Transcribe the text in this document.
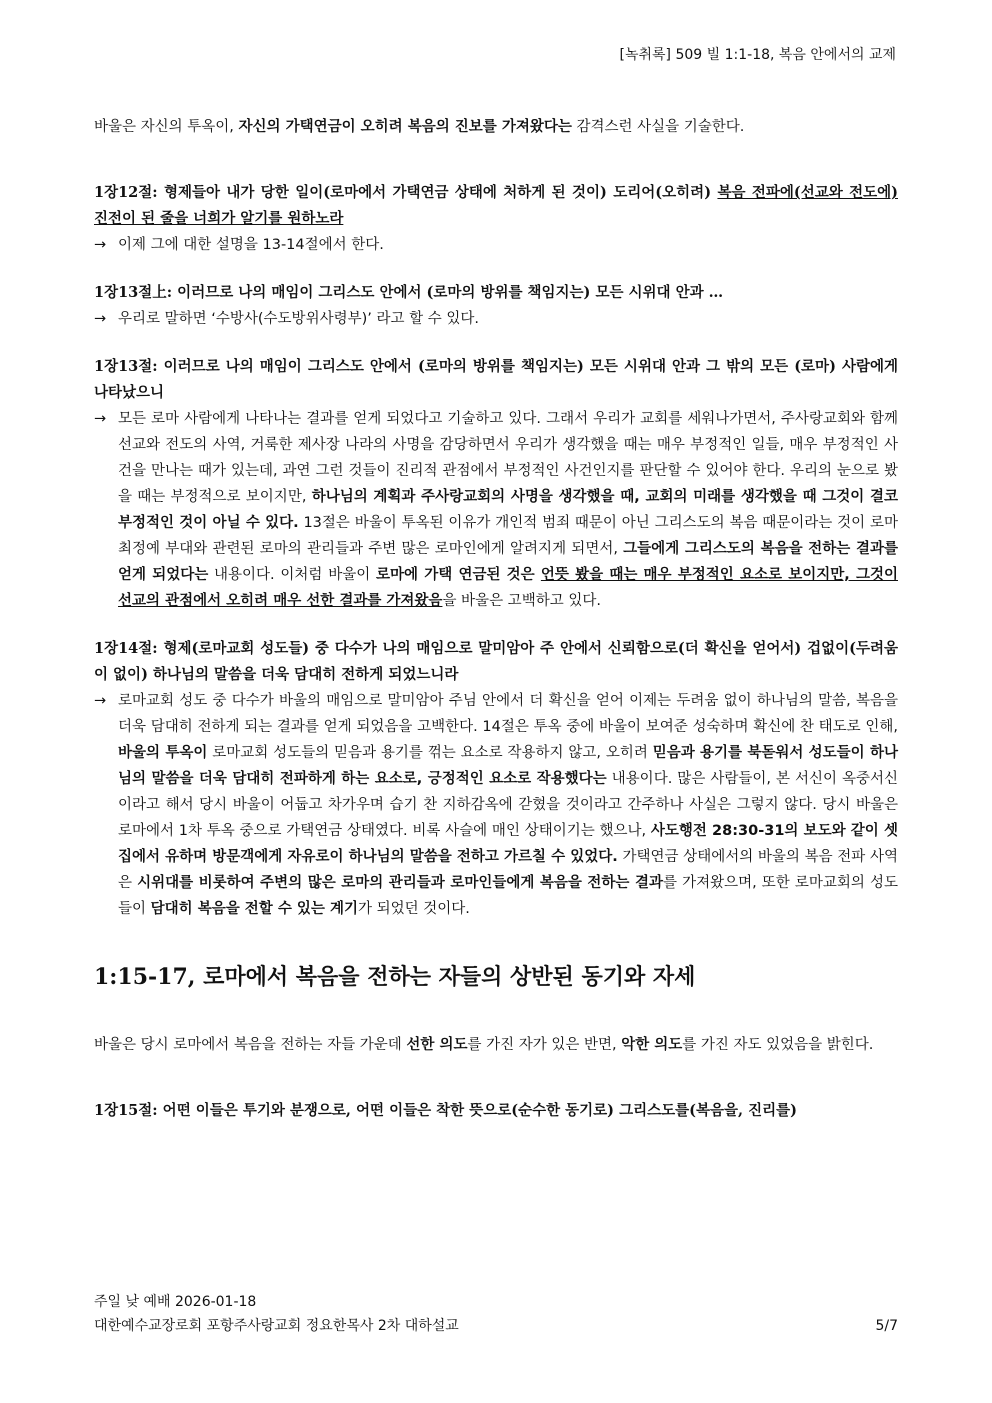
[녹취록] 509 빌 1:1-18, 복음 안에서의 교제

바울은 자신의 투옥이, 자신의 가택연금이 오히려 복음의 진보를 가져왔다는 감격스런 사실을 기술한다.

1장12절: 형제들아 내가 당한 일이(로마에서 가택연금 상태에 처하게 된 것이) 도리어(오히려) 복음 전파에(선교와 전도에) 진전이 된 줄을 너희가 알기를 원하노라

→ 이제 그에 대한 설명을 13-14절에서 한다.

1장13절上: 이러므로 나의 매임이 그리스도 안에서 (로마의 방위를 책임지는) 모든 시위대 안과 …

→ 우리로 말하면 ‘수방사(수도방위사령부)’ 라고 할 수 있다.

1장13절: 이러므로 나의 매임이 그리스도 안에서 (로마의 방위를 책임지는) 모든 시위대 안과 그 밖의 모든 (로마) 사람에게 나타났으니

→ 모든 로마 사람에게 나타나는 결과를 얻게 되었다고 기술하고 있다. 그래서 우리가 교회를 세워나가면서, 주사랑교회와 함께 선교와 전도의 사역, 거룩한 제사장 나라의 사명을 감당하면서 우리가 생각했을 때는 매우 부정적인 일들, 매우 부정적인 사건을 만나는 때가 있는데, 과연 그런 것들이 진리적 관점에서 부정적인 사건인지를 판단할 수 있어야 한다. 우리의 눈으로 봤을 때는 부정적으로 보이지만, 하나님의 계획과 주사랑교회의 사명을 생각했을 때, 교회의 미래를 생각했을 때 그것이 결코 부정적인 것이 아닐 수 있다. 13절은 바울이 투옥된 이유가 개인적 범죄 때문이 아닌 그리스도의 복음 때문이라는 것이 로마 최정예 부대와 관련된 로마의 관리들과 주변 많은 로마인에게 알려지게 되면서, 그들에게 그리스도의 복음을 전하는 결과를 얻게 되었다는 내용이다. 이처럼 바울이 로마에 가택 연금된 것은 언뜻 봤을 때는 매우 부정적인 요소로 보이지만, 그것이 선교의 관점에서 오히려 매우 선한 결과를 가져왔음을 바울은 고백하고 있다.

1장14절: 형제(로마교회 성도들) 중 다수가 나의 매임으로 말미암아 주 안에서 신뢰함으로(더 확신을 얻어서) 겁없이(두려움이 없이) 하나님의 말씀을 더욱 담대히 전하게 되었느니라

→ 로마교회 성도 중 다수가 바울의 매임으로 말미암아 주님 안에서 더 확신을 얻어 이제는 두려움 없이 하나님의 말씀, 복음을 더욱 담대히 전하게 되는 결과를 얻게 되었음을 고백한다. 14절은 투옥 중에 바울이 보여준 성숙하며 확신에 찬 태도로 인해, 바울의 투옥이 로마교회 성도들의 믿음과 용기를 꺾는 요소로 작용하지 않고, 오히려 믿음과 용기를 북돋워서 성도들이 하나님의 말씀을 더욱 담대히 전파하게 하는 요소로, 긍정적인 요소로 작용했다는 내용이다. 많은 사람들이, 본 서신이 옥중서신이라고 해서 당시 바울이 어둡고 차가우며 습기 찬 지하감옥에 갇혔을 것이라고 간주하나 사실은 그렇지 않다. 당시 바울은 로마에서 1차 투옥 중으로 가택연금 상태였다. 비록 사슬에 매인 상태이기는 했으나, 사도행전 28:30-31의 보도와 같이 셋집에서 유하며 방문객에게 자유로이 하나님의 말씀을 전하고 가르칠 수 있었다. 가택연금 상태에서의 바울의 복음 전파 사역은 시위대를 비롯하여 주변의 많은 로마의 관리들과 로마인들에게 복음을 전하는 결과를 가져왔으며, 또한 로마교회의 성도들이 담대히 복음을 전할 수 있는 계기가 되었던 것이다.
1:15-17, 로마에서 복음을 전하는 자들의 상반된 동기와 자세

바울은 당시 로마에서 복음을 전하는 자들 가운데 선한 의도를 가진 자가 있은 반면, 악한 의도를 가진 자도 있었음을 밝힌다.

1장15절: 어떤 이들은 투기와 분쟁으로, 어떤 이들은 착한 뜻으로(순수한 동기로) 그리스도를(복음을, 진리를)

주일 낮 예배 2026-01-18
대한예수교장로회 포항주사랑교회 정요한목사 2차 대하설교	5/7
